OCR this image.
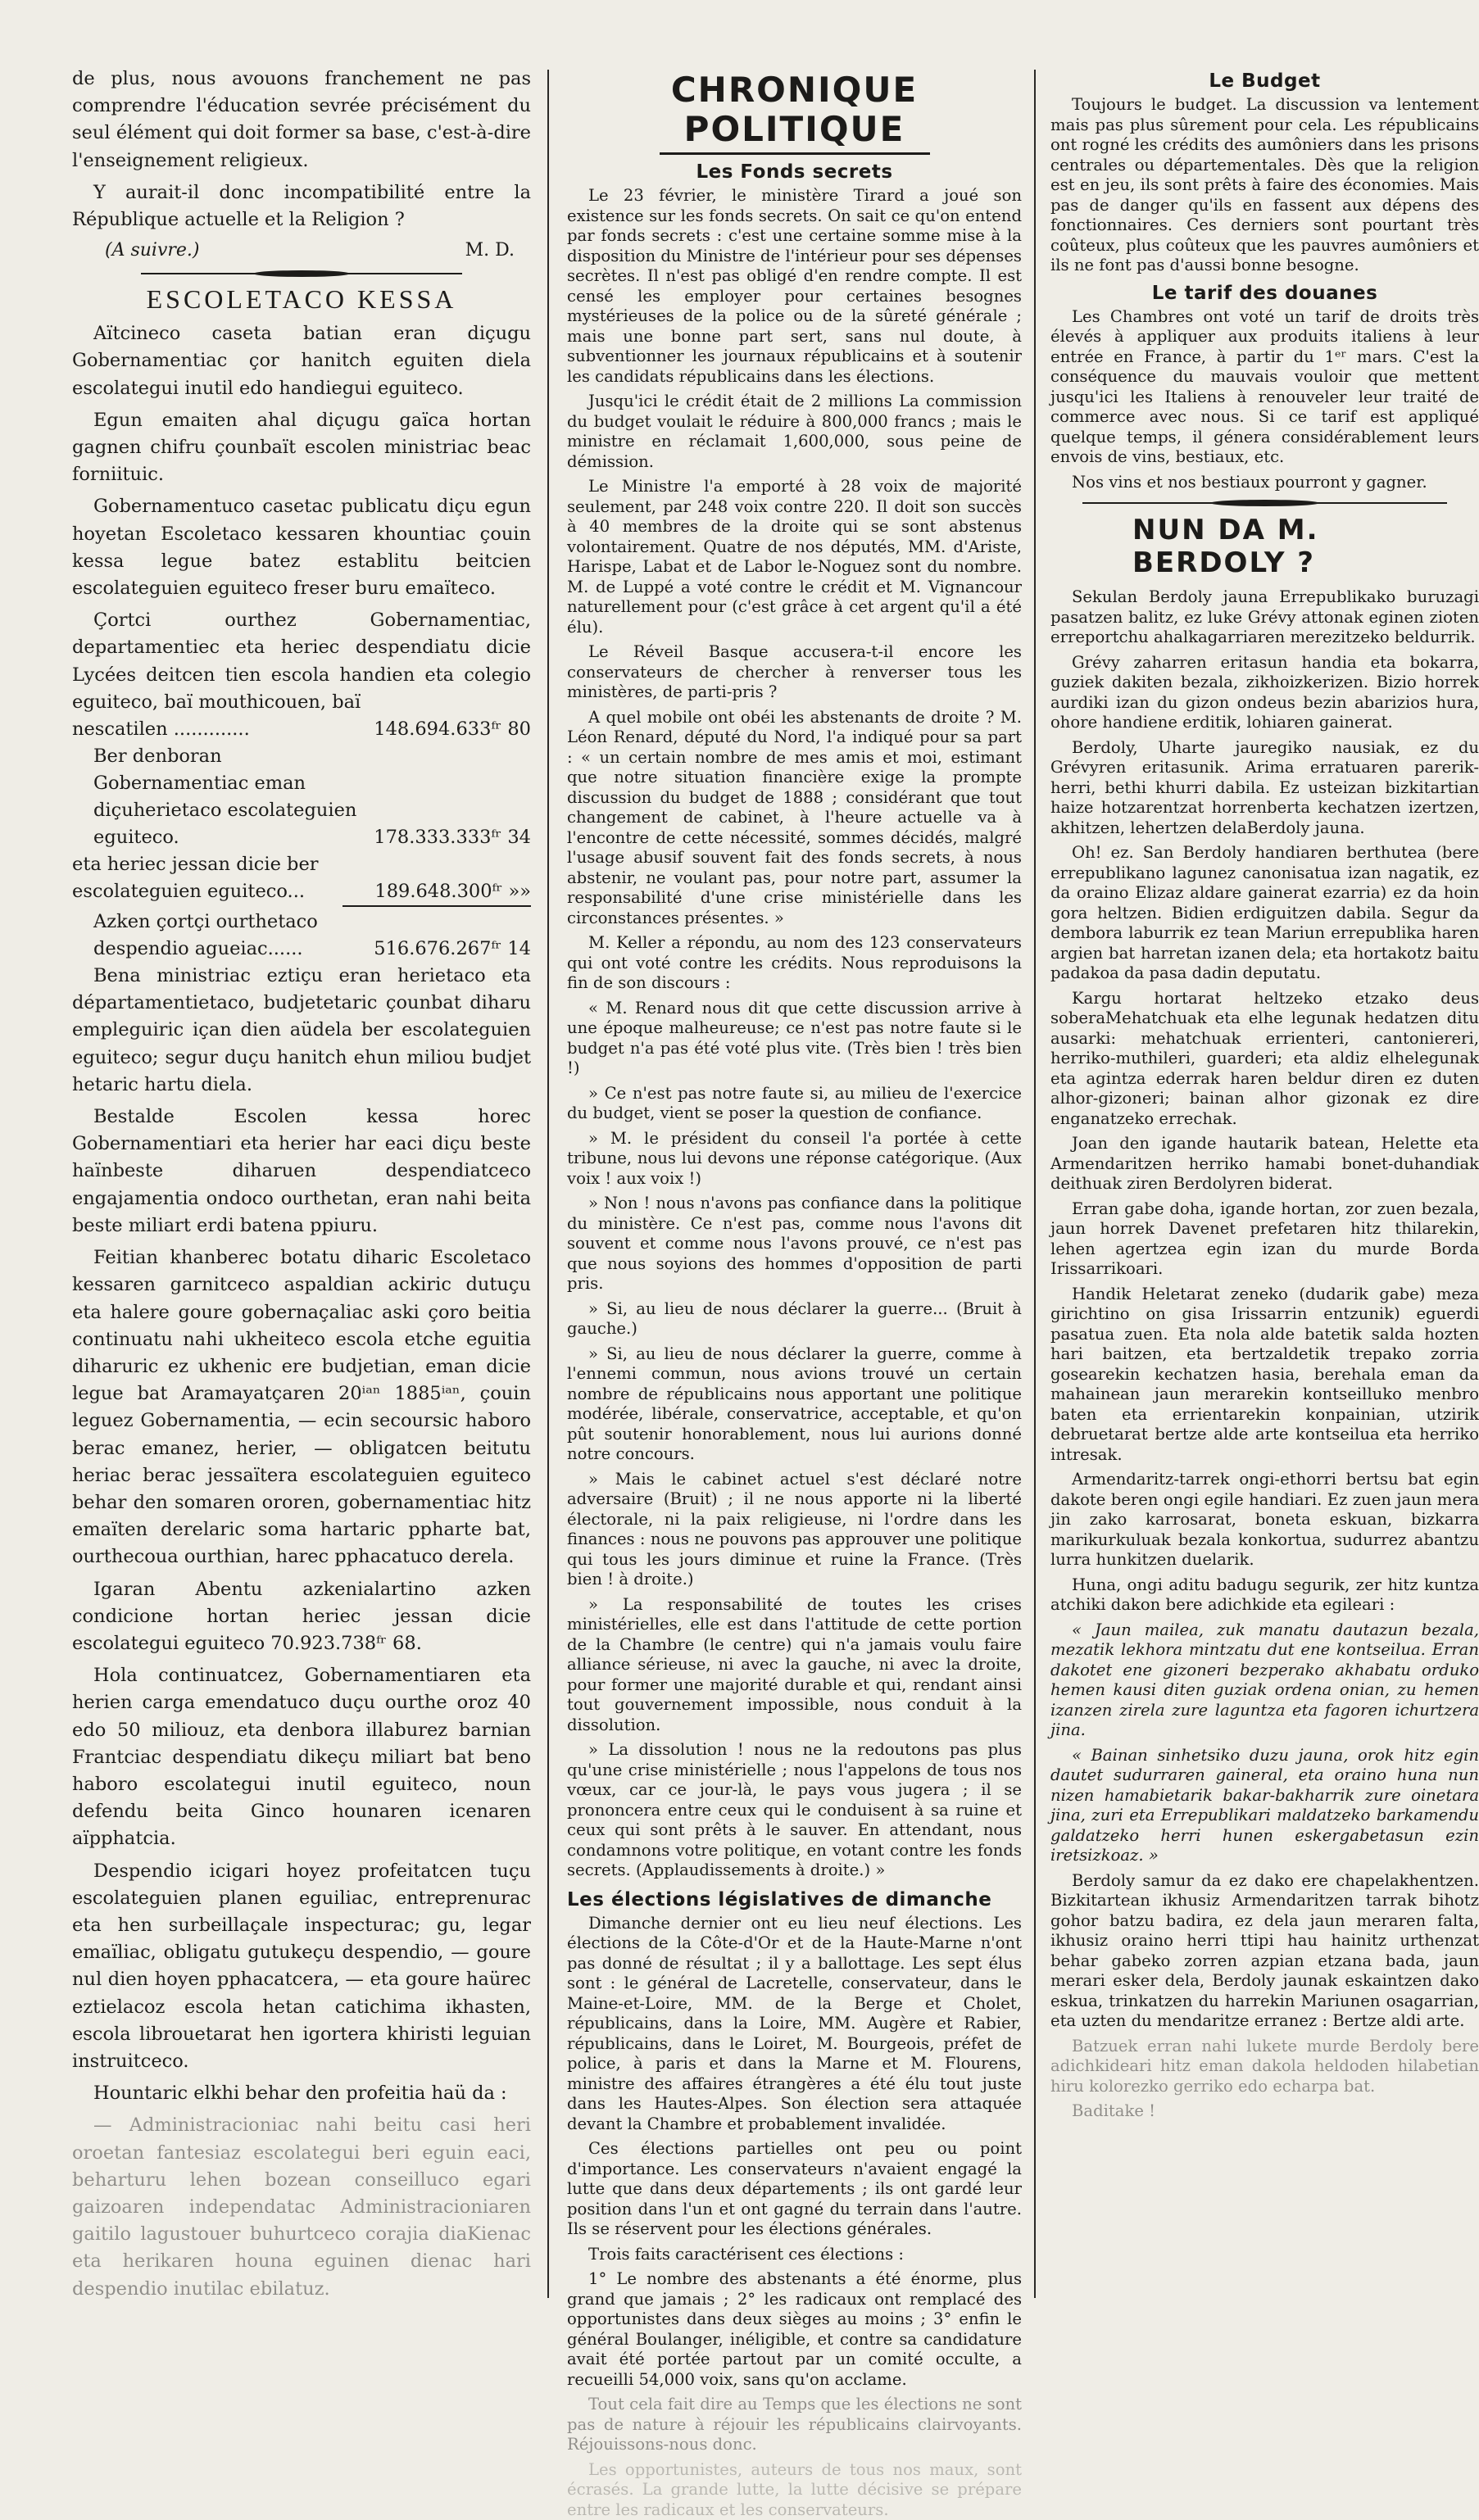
de plus, nous avouons franchement ne pas comprendre l'éducation sevrée précisément du seul élément qui doit former sa base, c'est-à-dire l'enseignement religieux.

Y aurait-il donc incompatibilité entre la République actuelle et la Religion ?

(A suivre.)	M. D.
ESCOLETACO KESSA

Aïtcineco caseta batian eran diçugu Gobernamentiac çor hanitch eguiten diela escolategui inutil edo handiegui eguiteco.

Egun emaiten ahal diçugu gaïca hortan gagnen chifru çounbaït escolen ministriac beac forniituic.

Gobernamentuco casetac publicatu diçu egun hoyetan Escoletaco kessaren khountiac çouin kessa legue batez establitu beitcien escolateguien eguiteco freser buru emaïteco.

Çortci ourthez Gobernamentiac, departamentiec eta heriec despendiatu dicie Lycées deitcen tien escola handien eta colegio eguiteco, baï mouthicouen, baï

nescatilen .............	148.694.633ᶠʳ 80
Ber denboran Gobernamentiac eman diçuherietaco escolateguien eguiteco.	178.333.333ᶠʳ 34
eta heriec jessan dicie ber escolateguien eguiteco...	189.648.300ᶠʳ »»
Azken çortçi ourthetaco despendio agueiac......	516.676.267ᶠʳ 14

Bena ministriac eztiçu eran herietaco eta départamentietaco, budjetetaric çounbat diharu empleguiric içan dien aüdela ber escolateguien eguiteco; segur duçu hanitch ehun miliou budjet hetaric hartu diela.

Bestalde Escolen kessa horec Gobernamentiari eta herier har eaci diçu beste haïnbeste diharuen despendiatceco engajamentia ondoco ourthetan, eran nahi beita beste miliart erdi batena ppiuru.

Feitian khanberec botatu diharic Escoletaco kessaren garnitceco aspaldian ackiric dutuçu eta halere goure gobernaçaliac aski çoro beitia continuatu nahi ukheiteco escola etche eguitia diharuric ez ukhenic ere budjetian, eman dicie legue bat Aramayatçaren 20ⁱᵃⁿ 1885ⁱᵃⁿ, çouin leguez Gobernamentia, — ecin secoursic haboro berac emanez, herier, — obligatcen beitutu heriac berac jessaïtera escolateguien eguiteco behar den somaren ororen, gobernamentiac hitz emaïten derelaric soma hartaric ppharte bat, ourthecoua ourthian, harec pphacatuco derela.

Igaran Abentu azkenialartino azken condicione hortan heriec jessan dicie escolategui eguiteco 70.923.738ᶠʳ 68.

Hola continuatcez, Gobernamentiaren eta herien carga emendatuco duçu ourthe oroz 40 edo 50 miliouz, eta denbora illaburez barnian Frantciac despendiatu dikeçu miliart bat beno haboro escolategui inutil eguiteco, noun defendu beita Ginco hounaren icenaren aïpphatcia.

Despendio icigari hoyez profeitatcen tuçu escolateguien planen eguiliac, entreprenurac eta hen surbeillaçale inspecturac; gu, legar emaïliac, obligatu gutukeçu despendio, — goure nul dien hoyen pphacatcera, — eta goure haürec eztielacoz escola hetan catichima ikhasten, escola librouetarat hen igortera khiristi leguian instruitceco.

Hountaric elkhi behar den profeitia haü da :

— Administracioniac nahi beitu casi heri oroetan fantesiaz escolategui beri eguin eaci, beharturu lehen bozean conseilluco egari gaizoaren independatac Administracioniaren gaitilo lagustouer buhurtceco corajia diaKienac eta herikaren houna eguinen dienac hari despendio inutilac ebilatuz.

CHRONIQUE POLITIQUE
Les Fonds secrets

Le 23 février, le ministère Tirard a joué son existence sur les fonds secrets. On sait ce qu'on entend par fonds secrets : c'est une certaine somme mise à la disposition du Ministre de l'intérieur pour ses dépenses secrètes. Il n'est pas obligé d'en rendre compte. Il est censé les employer pour certaines besognes mystérieuses de la police ou de la sûreté générale ; mais une bonne part sert, sans nul doute, à subventionner les journaux républicains et à soutenir les candidats républicains dans les élections.

Jusqu'ici le crédit était de 2 millions La commission du budget voulait le réduire à 800,000 francs ; mais le ministre en réclamait 1,600,000, sous peine de démission.

Le Ministre l'a emporté à 28 voix de majorité seulement, par 248 voix contre 220. Il doit son succès à 40 membres de la droite qui se sont abstenus volontairement. Quatre de nos députés, MM. d'Ariste, Harispe, Labat et de Labor le-Noguez sont du nombre. M. de Luppé a voté contre le crédit et M. Vignancour naturellement pour (c'est grâce à cet argent qu'il a été élu).

Le Réveil Basque accusera-t-il encore les conservateurs de chercher à renverser tous les ministères, de parti-pris ?

A quel mobile ont obéi les abstenants de droite ? M. Léon Renard, député du Nord, l'a indiqué pour sa part : « un certain nombre de mes amis et moi, estimant que notre situation financière exige la prompte discussion du budget de 1888 ; considérant que tout changement de cabinet, à l'heure actuelle va à l'encontre de cette nécessité, sommes décidés, malgré l'usage abusif souvent fait des fonds secrets, à nous abstenir, ne voulant pas, pour notre part, assumer la responsabilité d'une crise ministérielle dans les circonstances présentes. »

M. Keller a répondu, au nom des 123 conservateurs qui ont voté contre les crédits. Nous reproduisons la fin de son discours :

« M. Renard nous dit que cette discussion arrive à une époque malheureuse; ce n'est pas notre faute si le budget n'a pas été voté plus vite. (Très bien ! très bien !)

» Ce n'est pas notre faute si, au milieu de l'exercice du budget, vient se poser la question de confiance.

» M. le président du conseil l'a portée à cette tribune, nous lui devons une réponse catégorique. (Aux voix ! aux voix !)

» Non ! nous n'avons pas confiance dans la politique du ministère. Ce n'est pas, comme nous l'avons dit souvent et comme nous l'avons prouvé, ce n'est pas que nous soyions des hommes d'opposition de parti pris.

» Si, au lieu de nous déclarer la guerre... (Bruit à gauche.)

» Si, au lieu de nous déclarer la guerre, comme à l'ennemi commun, nous avions trouvé un certain nombre de républicains nous apportant une politique modérée, libérale, conservatrice, acceptable, et qu'on pût soutenir honorablement, nous lui aurions donné notre concours.

» Mais le cabinet actuel s'est déclaré notre adversaire (Bruit) ; il ne nous apporte ni la liberté électorale, ni la paix religieuse, ni l'ordre dans les finances : nous ne pouvons pas approuver une politique qui tous les jours diminue et ruine la France. (Très bien ! à droite.)

» La responsabilité de toutes les crises ministérielles, elle est dans l'attitude de cette portion de la Chambre (le centre) qui n'a jamais voulu faire alliance sérieuse, ni avec la gauche, ni avec la droite, pour former une majorité durable et qui, rendant ainsi tout gouvernement impossible, nous conduit à la dissolution.

» La dissolution ! nous ne la redoutons pas plus qu'une crise ministérielle ; nous l'appelons de tous nos vœux, car ce jour-là, le pays vous jugera ; il se prononcera entre ceux qui le conduisent à sa ruine et ceux qui sont prêts à le sauver. En attendant, nous condamnons votre politique, en votant contre les fonds secrets. (Applaudissements à droite.) »

Les élections législatives de dimanche

Dimanche dernier ont eu lieu neuf élections. Les élections de la Côte-d'Or et de la Haute-Marne n'ont pas donné de résultat ; il y a ballottage. Les sept élus sont : le général de Lacretelle, conservateur, dans le Maine-et-Loire, MM. de la Berge et Cholet, républicains, dans la Loire, MM. Augère et Rabier, républicains, dans le Loiret, M. Bourgeois, préfet de police, à paris et dans la Marne et M. Flourens, ministre des affaires étrangères a été élu tout juste dans les Hautes-Alpes. Son élection sera attaquée devant la Chambre et probablement invalidée.

Ces élections partielles ont peu ou point d'importance. Les conservateurs n'avaient engagé la lutte que dans deux départements ; ils ont gardé leur position dans l'un et ont gagné du terrain dans l'autre. Ils se réservent pour les élections générales.

Trois faits caractérisent ces élections :

1° Le nombre des abstenants a été énorme, plus grand que jamais ; 2° les radicaux ont remplacé des opportunistes dans deux sièges au moins ; 3° enfin le général Boulanger, inéligible, et contre sa candidature avait été portée partout par un comité occulte, a recueilli 54,000 voix, sans qu'on acclame.

Tout cela fait dire au Temps que les élections ne sont pas de nature à réjouir les républicains clairvoyants. Réjouissons-nous donc.

Les opportunistes, auteurs de tous nos maux, sont écrasés. La grande lutte, la lutte décisive se prépare entre les radicaux et les conservateurs.

Le Budget

Toujours le budget. La discussion va lentement mais pas plus sûrement pour cela. Les républicains ont rogné les crédits des aumôniers dans les prisons centrales ou départementales. Dès que la religion est en jeu, ils sont prêts à faire des économies. Mais pas de danger qu'ils en fassent aux dépens des fonctionnaires. Ces derniers sont pourtant très coûteux, plus coûteux que les pauvres aumôniers et ils ne font pas d'aussi bonne besogne.

Le tarif des douanes

Les Chambres ont voté un tarif de droits très élevés à appliquer aux produits italiens à leur entrée en France, à partir du 1ᵉʳ mars. C'est la conséquence du mauvais vouloir que mettent jusqu'ici les Italiens à renouveler leur traité de commerce avec nous. Si ce tarif est appliqué quelque temps, il génera considérablement leurs envois de vins, bestiaux, etc.

Nos vins et nos bestiaux pourront y gagner.

NUN DA M. BERDOLY ?

Sekulan Berdoly jauna Errepublikako buruzagi pasatzen balitz, ez luke Grévy attonak eginen zioten erreportchu ahalkagarriaren merezitzeko beldurrik.

Grévy zaharren eritasun handia eta bokarra, guziek dakiten bezala, zikhoizkerizen. Bizio horrek aurdiki izan du gizon ondeus bezin abarizios hura, ohore handiene erditik, lohiaren gainerat.

Berdoly, Uharte jauregiko nausiak, ez du Grévyren eritasunik. Arima erratuaren parerik-herri, bethi khurri dabila. Ez usteizan bizkitartian haize hotzarentzat horrenberta kechatzen izertzen, akhitzen, lehertzen delaBerdoly jauna.

Oh! ez. San Berdoly handiaren berthutea (bere errepublikano lagunez canonisatua izan nagatik, ez da oraino Elizaz aldare gainerat ezarria) ez da hoin gora heltzen. Bidien erdiguitzen dabila. Segur da dembora laburrik ez tean Mariun errepublika haren argien bat harretan izanen dela; eta hortakotz baitu padakoa da pasa dadin deputatu.

Kargu hortarat heltzeko etzako deus soberaMehatchuak eta elhe legunak hedatzen ditu ausarki: mehatchuak errienteri, cantoniereri, herriko-muthileri, guarderi; eta aldiz elhelegunak eta agintza ederrak haren beldur diren ez duten alhor-gizoneri; bainan alhor gizonak ez dire enganatzeko errechak.

Joan den igande hautarik batean, Helette eta Armendaritzen herriko hamabi bonet-duhandiak deithuak ziren Berdolyren biderat.

Erran gabe doha, igande hortan, zor zuen bezala, jaun horrek Davenet prefetaren hitz thilarekin, lehen agertzea egin izan du murde Borda Irissarrikoari.

Handik Heletarat zeneko (dudarik gabe) meza girichtino on gisa Irissarrin entzunik) eguerdi pasatua zuen. Eta nola alde batetik salda hozten hari baitzen, eta bertzaldetik trepako zorria gosearekin kechatzen hasia, berehala eman da mahainean jaun merarekin kontseilluko menbro baten eta errientarekin konpainian, utzirik debruetarat bertze alde arte kontseilua eta herriko intresak.

Armendaritz-tarrek ongi-ethorri bertsu bat egin dakote beren ongi egile handiari. Ez zuen jaun mera jin zako karrosarat, boneta eskuan, bizkarra marikurkuluak bezala konkortua, sudurrez abantzu lurra hunkitzen duelarik.

Huna, ongi aditu badugu segurik, zer hitz kuntza atchiki dakon bere adichkide eta egileari :

« Jaun mailea, zuk manatu dautazun bezala, mezatik lekhora mintzatu dut ene kontseilua. Erran dakotet ene gizoneri bezperako akhabatu orduko hemen kausi diten guziak ordena onian, zu hemen izanzen zirela zure laguntza eta fagoren ichurtzera jina.

« Bainan sinhetsiko duzu jauna, orok hitz egin dautet sudurraren gaineral, eta oraino huna nun nizen hamabietarik bakar-bakharrik zure oinetara jina, zuri eta Errepublikari maldatzeko barkamendu galdatzeko herri hunen eskergabetasun ezin iretsizkoaz. »

Berdoly samur da ez dako ere chapelakhentzen. Bizkitartean ikhusiz Armendaritzen tarrak bihotz gohor batzu badira, ez dela jaun meraren falta, ikhusiz oraino herri ttipi hau hainitz urthenzat behar gabeko zorren azpian etzana bada, jaun merari esker dela, Berdoly jaunak eskaintzen dako eskua, trinkatzen du harrekin Mariunen osagarrian, eta uzten du mendaritze erranez : Bertze aldi arte.

Batzuek erran nahi lukete murde Berdoly bere adichkideari hitz eman dakola heldoden hilabetian hiru kolorezko gerriko edo echarpa bat.

Baditake !
